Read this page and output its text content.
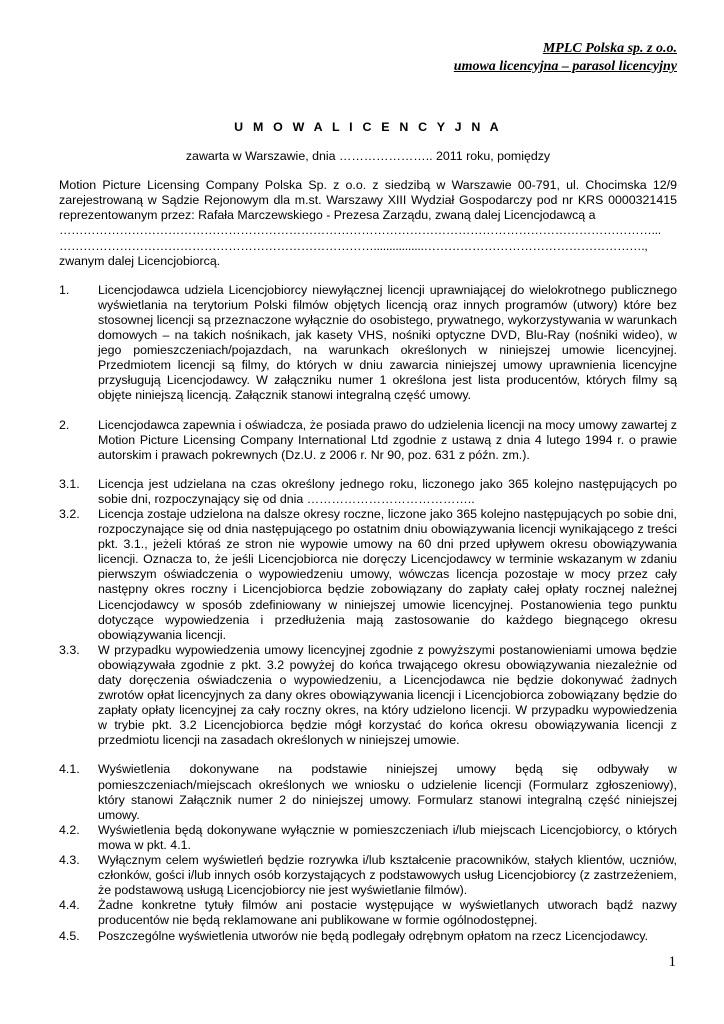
MPLC Polska sp. z o.o.
umowa licencyjna – parasol licencyjny

U M O W A L I C E N C Y J N A

zawarta w Warszawie, dnia ………………….. 2011 roku, pomiędzy

Motion Picture Licensing Company Polska Sp. z o.o. z siedzibą w Warszawie 00-791, ul. Chocimska 12/9 zarejestrowaną w Sądzie Rejonowym dla m.st. Warszawy XIII Wydział Gospodarczy pod nr KRS 0000321415 reprezentowanym przez: Rafała Marczewskiego - Prezesa Zarządu, zwaną dalej Licencjodawcą a

…………………………………………………………………………………………………………………………………...

……………………………………………………………………................……………………………………………….,

zwanym dalej Licencjobiorcą.

1.	Licencjodawca udziela Licencjobiorcy niewyłącznej licencji uprawniającej do wielokrotnego publicznego wyświetlania na terytorium Polski filmów objętych licencją oraz innych programów (utwory) które bez stosownej licencji są przeznaczone wyłącznie do osobistego, prywatnego, wykorzystywania w warunkach domowych – na takich nośnikach, jak kasety VHS, nośniki optyczne DVD, Blu-Ray (nośniki wideo), w jego pomieszczeniach/pojazdach, na warunkach określonych w niniejszej umowie licencyjnej. Przedmiotem licencji są filmy, do których w dniu zawarcia niniejszej umowy uprawnienia licencyjne przysługują Licencjodawcy. W załączniku numer 1 określona jest lista producentów, których filmy są objęte niniejszą licencją. Załącznik stanowi integralną część umowy.
2.	Licencjodawca zapewnia i oświadcza, że posiada prawo do udzielenia licencji na mocy umowy zawartej z Motion Picture Licensing Company International Ltd zgodnie z ustawą z dnia 4 lutego 1994 r. o prawie autorskim i prawach pokrewnych (Dz.U. z 2006 r. Nr 90, poz. 631 z późn. zm.).
3.1.	Licencja jest udzielana na czas określony jednego roku, liczonego jako 365 kolejno następujących po sobie dni, rozpoczynający się od dnia …………………………………..
3.2.	Licencja zostaje udzielona na dalsze okresy roczne, liczone jako 365 kolejno następujących po sobie dni, rozpoczynające się od dnia następującego po ostatnim dniu obowiązywania licencji wynikającego z treści pkt. 3.1., jeżeli któraś ze stron nie wypowie umowy na 60 dni przed upływem okresu obowiązywania licencji. Oznacza to, że jeśli Licencjobiorca nie doręczy Licencjodawcy w terminie wskazanym w zdaniu pierwszym oświadczenia o wypowiedzeniu umowy, wówczas licencja pozostaje w mocy przez cały następny okres roczny i Licencjobiorca będzie zobowiązany do zapłaty całej opłaty rocznej należnej Licencjodawcy w sposób zdefiniowany w niniejszej umowie licencyjnej. Postanowienia tego punktu dotyczące wypowiedzenia i przedłużenia mają zastosowanie do każdego biegnącego okresu obowiązywania licencji.
3.3.	W przypadku wypowiedzenia umowy licencyjnej zgodnie z powyższymi postanowieniami umowa będzie obowiązywała zgodnie z pkt. 3.2 powyżej do końca trwającego okresu obowiązywania niezależnie od daty doręczenia oświadczenia o wypowiedzeniu, a Licencjodawca nie będzie dokonywać żadnych zwrotów opłat licencyjnych za dany okres obowiązywania licencji i Licencjobiorca zobowiązany będzie do zapłaty opłaty licencyjnej za cały roczny okres, na który udzielono licencji. W przypadku wypowiedzenia w trybie pkt. 3.2 Licencjobiorca będzie mógł korzystać do końca okresu obowiązywania licencji z przedmiotu licencji na zasadach określonych w niniejszej umowie.
4.1.	Wyświetlenia dokonywane na podstawie niniejszej umowy będą się odbywały w pomieszczeniach/miejscach określonych we wniosku o udzielenie licencji (Formularz zgłoszeniowy), który stanowi Załącznik numer 2 do niniejszej umowy. Formularz stanowi integralną część niniejszej umowy.
4.2.	Wyświetlenia będą dokonywane wyłącznie w pomieszczeniach i/lub miejscach Licencjobiorcy, o których mowa w pkt. 4.1.
4.3.	Wyłącznym celem wyświetleń będzie rozrywka i/lub kształcenie pracowników, stałych klientów, uczniów, członków, gości i/lub innych osób korzystających z podstawowych usług Licencjobiorcy (z zastrzeżeniem, że podstawową usługą Licencjobiorcy nie jest wyświetlanie filmów).
4.4.	Żadne konkretne tytuły filmów ani postacie występujące w wyświetlanych utworach bądź nazwy producentów nie będą reklamowane ani publikowane w formie ogólnodostępnej.
4.5.	Poszczególne wyświetlenia utworów nie będą podlegały odrębnym opłatom na rzecz Licencjodawcy.
1
